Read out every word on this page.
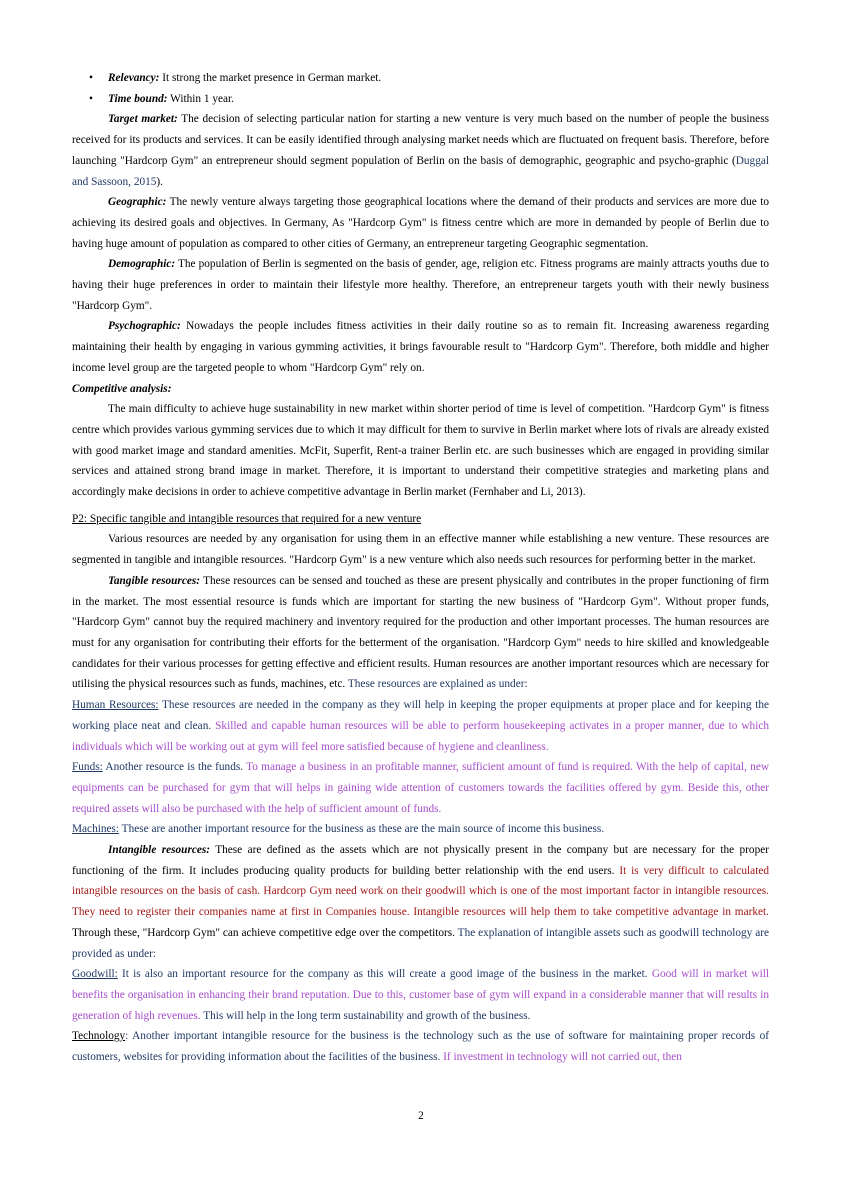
• Relevancy: It strong the market presence in German market.
• Time bound: Within 1 year.

Target market: The decision of selecting particular nation for starting a new venture is very much based on the number of people the business received for its products and services. It can be easily identified through analysing market needs which are fluctuated on frequent basis. Therefore, before launching "Hardcorp Gym" an entrepreneur should segment population of Berlin on the basis of demographic, geographic and psycho-graphic (Duggal and Sassoon, 2015).

Geographic: The newly venture always targeting those geographical locations where the demand of their products and services are more due to achieving its desired goals and objectives. In Germany, As "Hardcorp Gym" is fitness centre which are more in demanded by people of Berlin due to having huge amount of population as compared to other cities of Germany, an entrepreneur targeting Geographic segmentation.

Demographic: The population of Berlin is segmented on the basis of gender, age, religion etc. Fitness programs are mainly attracts youths due to having their huge preferences in order to maintain their lifestyle more healthy. Therefore, an entrepreneur targets youth with their newly business "Hardcorp Gym".

Psychographic: Nowadays the people includes fitness activities in their daily routine so as to remain fit. Increasing awareness regarding maintaining their health by engaging in various gymming activities, it brings favourable result to "Hardcorp Gym". Therefore, both middle and higher income level group are the targeted people to whom "Hardcorp Gym" rely on.

Competitive analysis:

The main difficulty to achieve huge sustainability in new market within shorter period of time is level of competition. "Hardcorp Gym" is fitness centre which provides various gymming services due to which it may difficult for them to survive in Berlin market where lots of rivals are already existed with good market image and standard amenities. McFit, Superfit, Rent-a trainer Berlin etc. are such businesses which are engaged in providing similar services and attained strong brand image in market. Therefore, it is important to understand their competitive strategies and marketing plans and accordingly make decisions in order to achieve competitive advantage in Berlin market (Fernhaber and Li, 2013).

P2: Specific tangible and intangible resources that required for a new venture

Various resources are needed by any organisation for using them in an effective manner while establishing a new venture. These resources are segmented in tangible and intangible resources. "Hardcorp Gym" is a new venture which also needs such resources for performing better in the market.

Tangible resources: These resources can be sensed and touched as these are present physically and contributes in the proper functioning of firm in the market. The most essential resource is funds which are important for starting the new business of "Hardcorp Gym". Without proper funds, "Hardcorp Gym" cannot buy the required machinery and inventory required for the production and other important processes. The human resources are must for any organisation for contributing their efforts for the betterment of the organisation. "Hardcorp Gym" needs to hire skilled and knowledgeable candidates for their various processes for getting effective and efficient results. Human resources are another important resources which are necessary for utilising the physical resources such as funds, machines, etc. These resources are explained as under:

Human Resources: These resources are needed in the company as they will help in keeping the proper equipments at proper place and for keeping the working place neat and clean. Skilled and capable human resources will be able to perform housekeeping activates in a proper manner, due to which individuals which will be working out at gym will feel more satisfied because of hygiene and cleanliness.

Funds: Another resource is the funds. To manage a business in an profitable manner, sufficient amount of fund is required. With the help of capital, new equipments can be purchased for gym that will helps in gaining wide attention of customers towards the facilities offered by gym. Beside this, other required assets will also be purchased with the help of sufficient amount of funds.

Machines: These are another important resource for the business as these are the main source of income this business.

Intangible resources: These are defined as the assets which are not physically present in the company but are necessary for the proper functioning of the firm. It includes producing quality products for building better relationship with the end users. It is very difficult to calculated intangible resources on the basis of cash. Hardcorp Gym need work on their goodwill which is one of the most important factor in intangible resources. They need to register their companies name at first in Companies house. Intangible resources will help them to take competitive advantage in market. Through these, "Hardcorp Gym" can achieve competitive edge over the competitors. The explanation of intangible assets such as goodwill technology are provided as under:

Goodwill: It is also an important resource for the company as this will create a good image of the business in the market. Good will in market will benefits the organisation in enhancing their brand reputation. Due to this, customer base of gym will expand in a considerable manner that will results in generation of high revenues. This will help in the long term sustainability and growth of the business.

Technology: Another important intangible resource for the business is the technology such as the use of software for maintaining proper records of customers, websites for providing information about the facilities of the business. If investment in technology will not carried out, then

2
